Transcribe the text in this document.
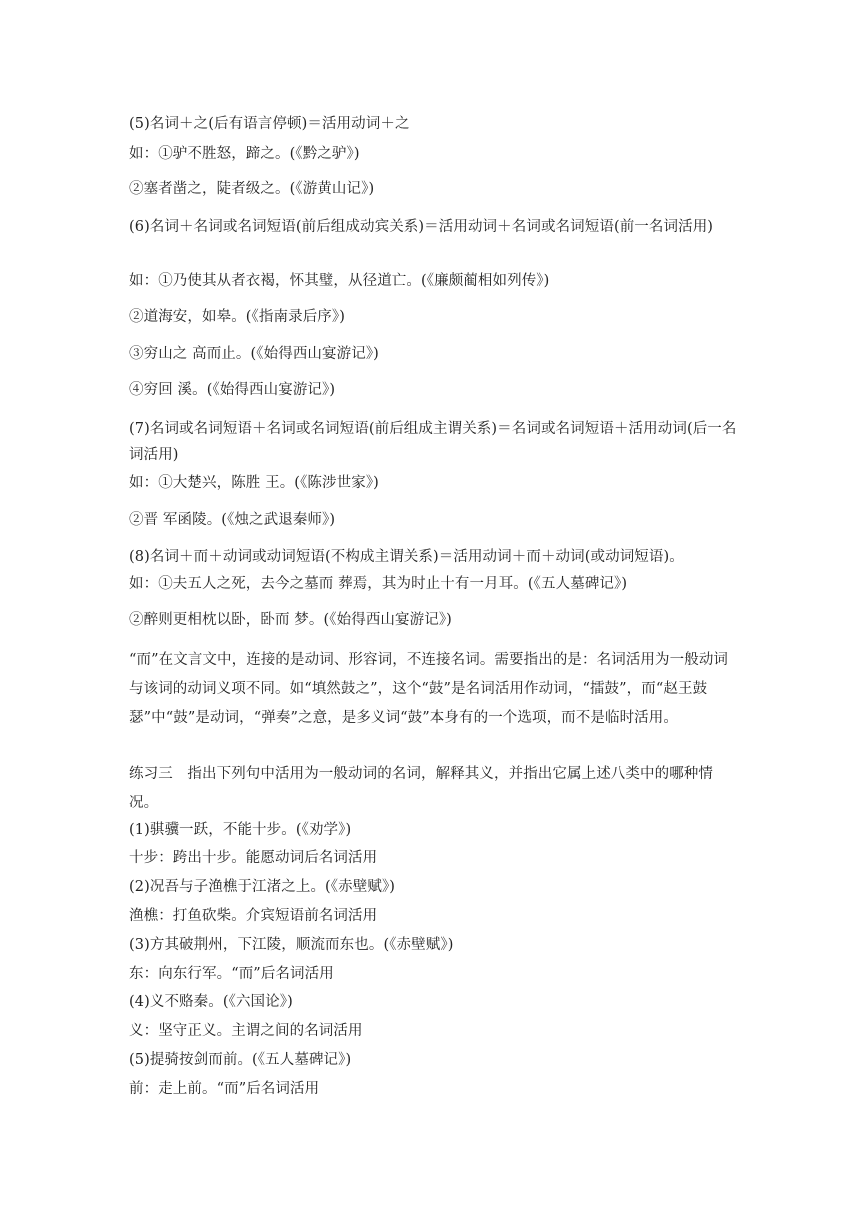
(5)名词＋之(后有语言停顿)＝活用动词＋之
如：①驴不胜怒，蹄之。(《黔之驴》)
②塞者凿之，陡者级之。(《游黄山记》)
(6)名词＋名词或名词短语(前后组成动宾关系)＝活用动词＋名词或名词短语(前一名词活用)
如：①乃使其从者衣褐，怀其璧，从径道亡。(《廉颇蔺相如列传》)
②道海安，如皋。(《指南录后序》)
③穷山之 高而止。(《始得西山宴游记》)
④穷回 溪。(《始得西山宴游记》)
(7)名词或名词短语＋名词或名词短语(前后组成主谓关系)＝名词或名词短语＋活用动词(后一名词活用)
如：①大楚兴，陈胜 王。(《陈涉世家》)
②晋 军函陵。(《烛之武退秦师》)
(8)名词＋而＋动词或动词短语(不构成主谓关系)＝活用动词＋而＋动词(或动词短语)。
如：①夫五人之死，去今之墓而 葬焉，其为时止十有一月耳。(《五人墓碑记》)
②醉则更相枕以卧，卧而 梦。(《始得西山宴游记》)
“而”在文言文中，连接的是动词、形容词，不连接名词。需要指出的是：名词活用为一般动词与该词的动词义项不同。如“填然鼓之”，这个“鼓”是名词活用作动词，“擂鼓”，而“赵王鼓瑟”中“鼓”是动词，“弹奏”之意，是多义词“鼓”本身有的一个选项，而不是临时活用。
练习三　指出下列句中活用为一般动词的名词，解释其义，并指出它属上述八类中的哪种情况。
(1)骐骥一跃，不能十步。(《劝学》)
十步：跨出十步。能愿动词后名词活用
(2)况吾与子渔樵于江渚之上。(《赤壁赋》)
渔樵：打鱼砍柴。介宾短语前名词活用
(3)方其破荆州，下江陵，顺流而东也。(《赤壁赋》)
东：向东行军。“而”后名词活用
(4)义不赂秦。(《六国论》)
义：坚守正义。主谓之间的名词活用
(5)提骑按剑而前。(《五人墓碑记》)
前：走上前。“而”后名词活用
